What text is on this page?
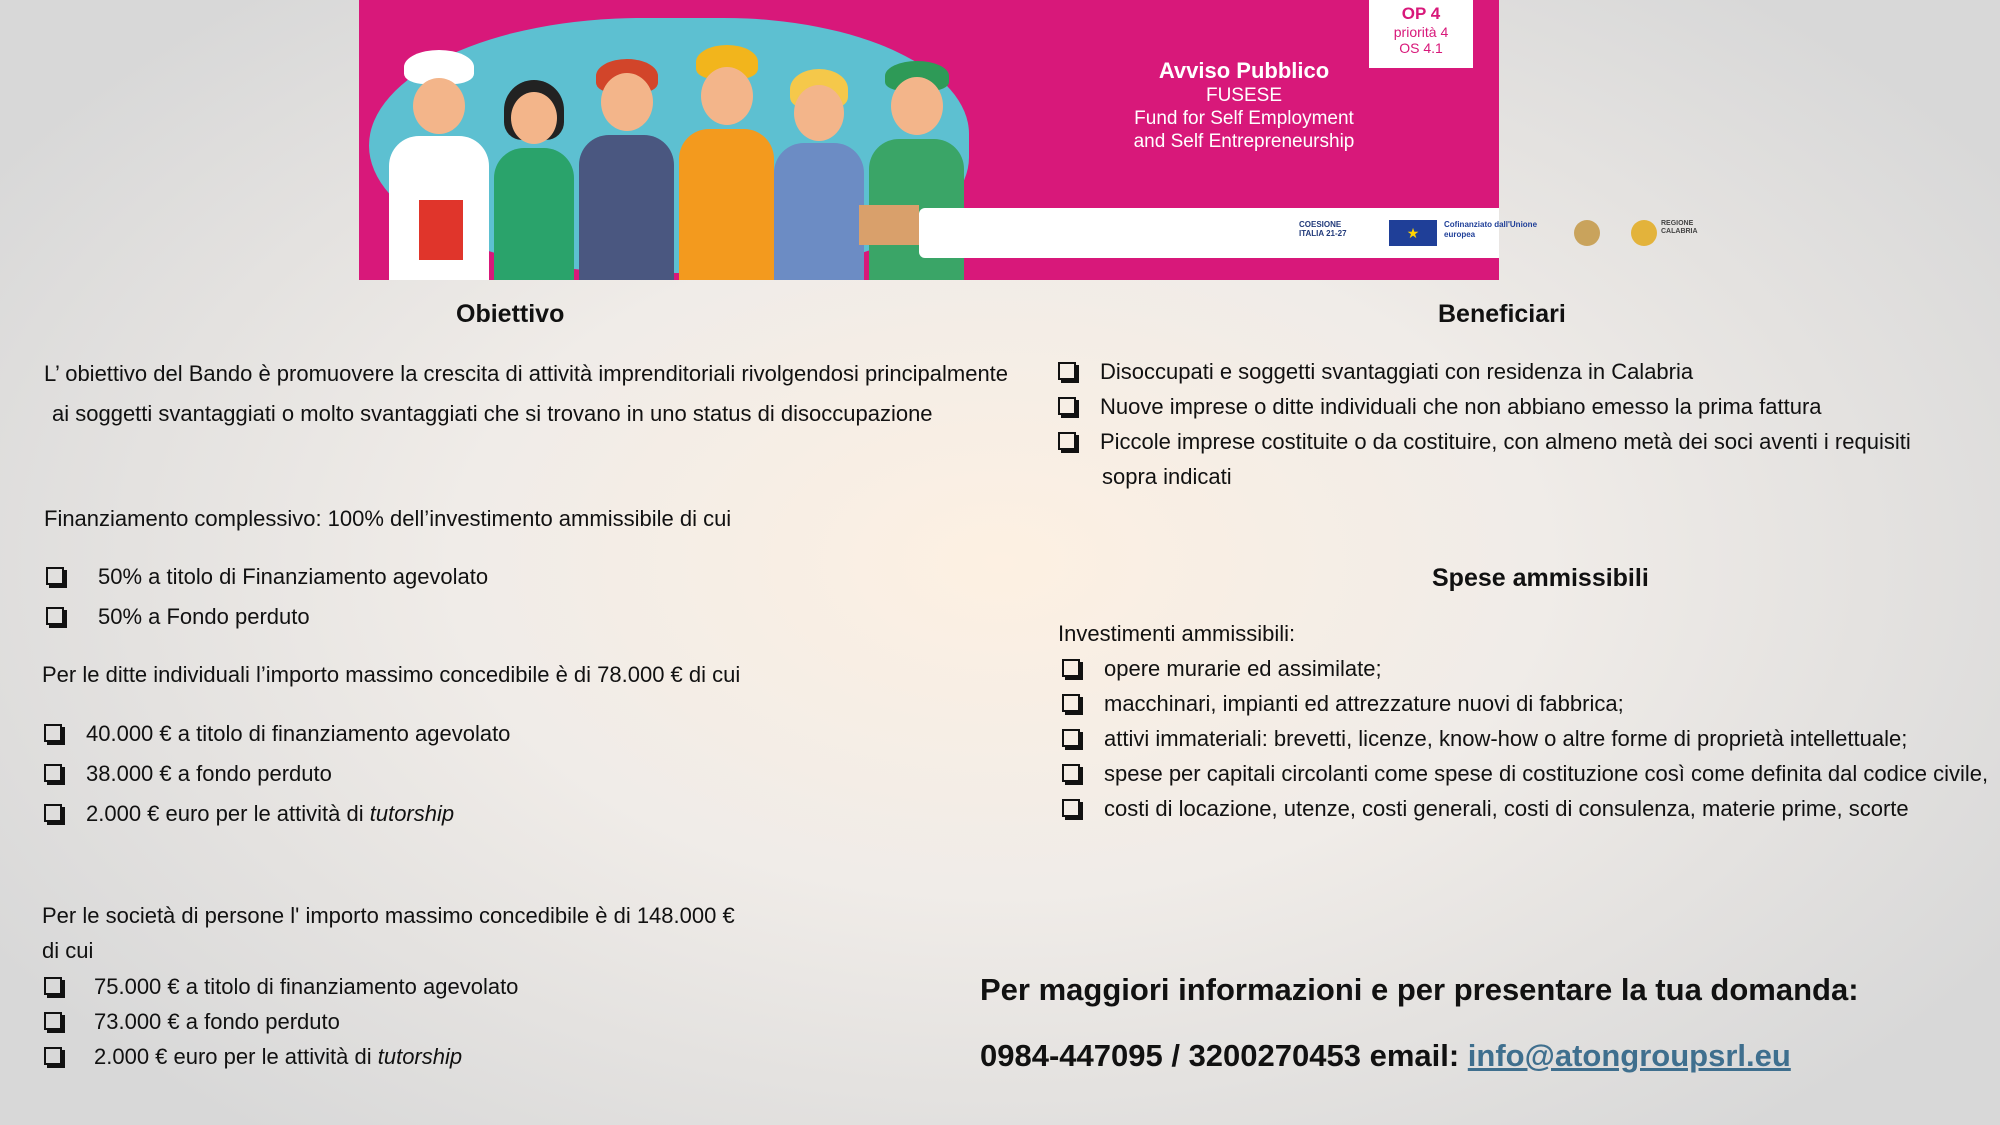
OP 4
priorità 4
OS 4.1
Avviso Pubblico
FUSESE
Fund for Self Employment
and Self Entrepreneurship
COESIONE ITALIA 21-27	★
Cofinanziato dall'Unione europea
REGIONE CALABRIA
Obiettivo
L’ obiettivo del Bando è promuovere la crescita di attività imprenditoriali rivolgendosi principalmente
ai soggetti svantaggiati o molto svantaggiati che si trovano in uno status di disoccupazione
Finanziamento complessivo: 100% dell’investimento ammissibile di cui
50% a titolo di Finanziamento agevolato
50% a Fondo perduto
Per le ditte individuali l’importo massimo concedibile è di 78.000 € di cui
40.000 € a titolo di finanziamento agevolato
38.000 € a fondo perduto
2.000 € euro per le attività di tutorship
Per le società di persone l' importo massimo concedibile è di 148.000 €
di cui
75.000 € a titolo di finanziamento agevolato
73.000 € a fondo perduto
2.000 € euro per le attività di tutorship
Beneficiari
Disoccupati e soggetti svantaggiati con residenza in Calabria
Nuove imprese o ditte individuali che non abbiano emesso la prima fattura
Piccole imprese costituite o da costituire, con almeno metà dei soci aventi i requisiti
sopra indicati
Spese ammissibili
Investimenti ammissibili:
opere murarie ed assimilate;
macchinari, impianti ed attrezzature nuovi di fabbrica;
attivi immateriali: brevetti, licenze, know-how o altre forme di proprietà intellettuale;
spese per capitali circolanti come spese di costituzione così come definita dal codice civile,
costi di locazione, utenze, costi generali, costi di consulenza, materie prime, scorte
Per maggiori informazioni e per presentare la tua domanda:
0984-447095 / 3200270453 email: info@atongroupsrl.eu
